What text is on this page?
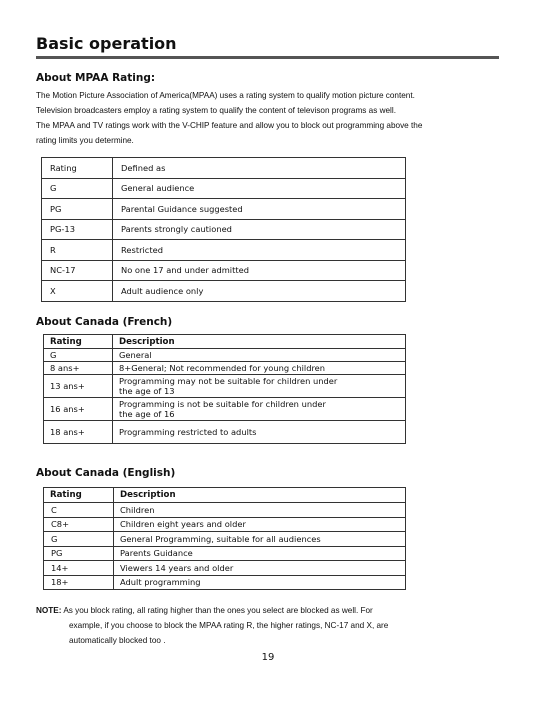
Basic operation
About MPAA Rating:

The Motion Picture Association of America(MPAA) uses a rating system to qualify motion picture content.

Television broadcasters employ a rating system to qualify the content of televison programs as well.

The MPAA and TV ratings work with the V-CHIP feature and allow you to block out programming above the

rating limits you determine.

Rating	Defined as
G	General audience
PG	Parental Guidance suggested
PG-13	Parents strongly cautioned
R	Restricted
NC-17	No one 17 and under admitted
X	Adult audience only
About Canada (French)
Rating	Description
G	General
8 ans+	8+General; Not recommended for young children
13 ans+	Programming may not be suitable for children under
the age of 13
16 ans+	Programming is not be suitable for children under
the age of 16
18 ans+	Programming restricted to adults
About Canada (English)
Rating	Description
C	Children
C8+	Children eight years and older
G	General Programming, suitable for all audiences
PG	Parents Guidance
14+	Viewers 14 years and older
18+	Adult programming

NOTE: As you block rating, all rating higher than the ones you select are blocked as well. For

example, if you choose to block the MPAA rating R, the higher ratings, NC-17 and X, are

automatically blocked too .

19
